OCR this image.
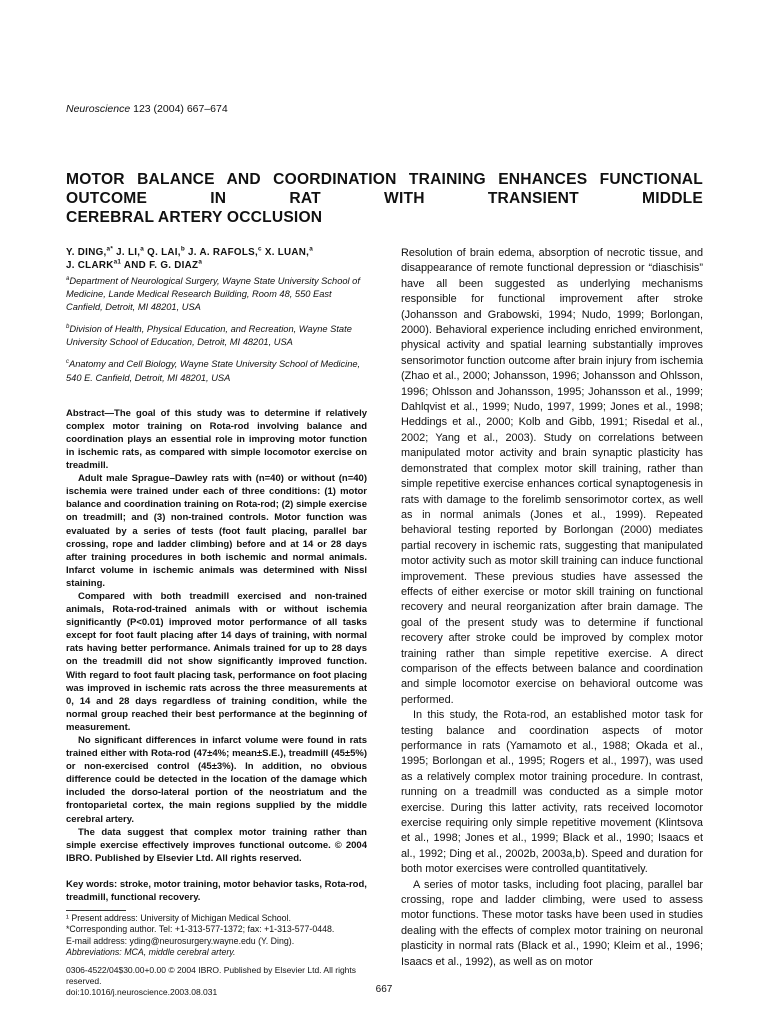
Neuroscience 123 (2004) 667–674
MOTOR BALANCE AND COORDINATION TRAINING ENHANCES FUNCTIONAL OUTCOME IN RAT WITH TRANSIENT MIDDLE
CEREBRAL ARTERY OCCLUSION
Y. DING,$^{a*}$ J. LI,$^a$ Q. LAI,$^b$ J. A. RAFOLS,$^c$ X. LUAN,$^a$
J. $CLARK^{a1}$ AND F. G. DIAZ$^a$
$^a$Department of Neurological Surgery, Wayne State University School of Medicine, Lande Medical Research Building, Room 48, 550 East Canfield, Detroit, MI 48201, USA
$^b$Division of Health, Physical Education, and Recreation, Wayne State University School of Education, Detroit, MI 48201, USA
$^c$Anatomy and Cell Biology, Wayne State University School of Medicine, 540 E. Canfield, Detroit, MI 48201, USA

Abstract—The goal of this study was to determine if relatively complex motor training on Rota-rod involving balance and coordination plays an essential role in improving motor function in ischemic rats, as compared with simple locomotor exercise on treadmill.

Adult male Sprague–Dawley rats with (n=40) or without (n=40) ischemia were trained under each of three conditions: (1) motor balance and coordination training on Rota-rod; (2) simple exercise on treadmill; and (3) non-trained controls. Motor function was evaluated by a series of tests (foot fault placing, parallel bar crossing, rope and ladder climbing) before and at 14 or 28 days after training procedures in both ischemic and normal animals. Infarct volume in ischemic animals was determined with Nissl staining.

Compared with both treadmill exercised and non-trained animals, Rota-rod-trained animals with or without ischemia significantly (P<0.01) improved motor performance of all tasks except for foot fault placing after 14 days of training, with normal rats having better performance. Animals trained for up to 28 days on the treadmill did not show significantly improved function. With regard to foot fault placing task, performance on foot placing was improved in ischemic rats across the three measurements at 0, 14 and 28 days regardless of training condition, while the normal group reached their best performance at the beginning of measurement.

No significant differences in infarct volume were found in rats trained either with Rota-rod (47±4%; mean±S.E.), treadmill (45±5%) or non-exercised control (45±3%). In addition, no obvious difference could be detected in the location of the damage which included the dorso-lateral portion of the neostriatum and the frontoparietal cortex, the main regions supplied by the middle cerebral artery.

The data suggest that complex motor training rather than simple exercise effectively improves functional outcome. © 2004 IBRO. Published by Elsevier Ltd. All rights reserved.

Key words: stroke, motor training, motor behavior tasks, Rota-rod, treadmill, functional recovery.

¹ Present address: University of Michigan Medical School.

*Corresponding author. Tel: +1-313-577-1372; fax: +1-313-577-0448.

E-mail address: yding@neurosurgery.wayne.edu (Y. Ding).

Abbreviations: MCA, middle cerebral artery.

0306-4522/04$30.00+0.00 © 2004 IBRO. Published by Elsevier Ltd. All rights reserved.

doi:10.1016/j.neuroscience.2003.08.031

Resolution of brain edema, absorption of necrotic tissue, and disappearance of remote functional depression or “diaschisis” have all been suggested as underlying mechanisms responsible for functional improvement after stroke (Johansson and Grabowski, 1994; Nudo, 1999; Borlongan, 2000). Behavioral experience including enriched environment, physical activity and spatial learning substantially improves sensorimotor function outcome after brain injury from ischemia (Zhao et al., 2000; Johansson, 1996; Johansson and Ohlsson, 1996; Ohlsson and Johansson, 1995; Johansson et al., 1999; Dahlqvist et al., 1999; Nudo, 1997, 1999; Jones et al., 1998; Heddings et al., 2000; Kolb and Gibb, 1991; Risedal et al., 2002; Yang et al., 2003). Study on correlations between manipulated motor activity and brain synaptic plasticity has demonstrated that complex motor skill training, rather than simple repetitive exercise enhances cortical synaptogenesis in rats with damage to the forelimb sensorimotor cortex, as well as in normal animals (Jones et al., 1999). Repeated behavioral testing reported by Borlongan (2000) mediates partial recovery in ischemic rats, suggesting that manipulated motor activity such as motor skill training can induce functional improvement. These previous studies have assessed the effects of either exercise or motor skill training on functional recovery and neural reorganization after brain damage. The goal of the present study was to determine if functional recovery after stroke could be improved by complex motor training rather than simple repetitive exercise. A direct comparison of the effects between balance and coordination and simple locomotor exercise on behavioral outcome was performed.

In this study, the Rota-rod, an established motor task for testing balance and coordination aspects of motor performance in rats (Yamamoto et al., 1988; Okada et al., 1995; Borlongan et al., 1995; Rogers et al., 1997), was used as a relatively complex motor training procedure. In contrast, running on a treadmill was conducted as a simple motor exercise. During this latter activity, rats received locomotor exercise requiring only simple repetitive movement (Klintsova et al., 1998; Jones et al., 1999; Black et al., 1990; Isaacs et al., 1992; Ding et al., 2002b, 2003a,b). Speed and duration for both motor exercises were controlled quantitatively.

A series of motor tasks, including foot placing, parallel bar crossing, rope and ladder climbing, were used to assess motor functions. These motor tasks have been used in studies dealing with the effects of complex motor training on neuronal plasticity in normal rats (Black et al., 1990; Kleim et al., 1996; Isaacs et al., 1992), as well as on motor

667
